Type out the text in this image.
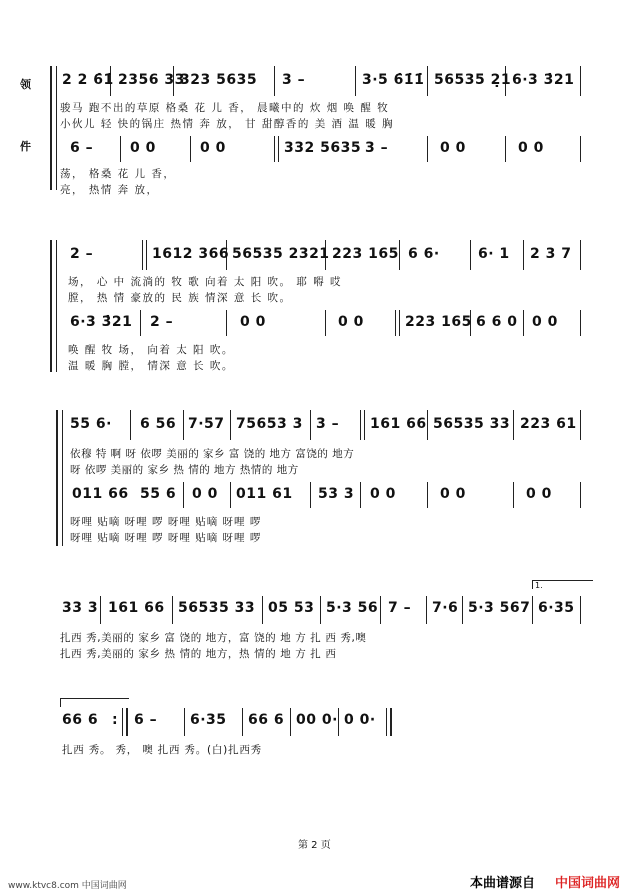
领
件
2 2 6̇1̇ 2356 33
323 5635 3 –	3·5 6̇1̇1̇ 56535 2̣1 6·3 3̇21
骏马 跑不出的草原 格桑 花 儿 香， 晨曦中的 炊 烟 唤 醒 牧
小伙儿 轻 快的锅庄 热情 奔 放， 甘 甜醇香的 美 酒 温 暖 胸
6 –	0 0	0 0	332 5635 3 –	0 0	0 0
荡， 格桑 花 儿 香，
亮， 热情 奔 放，
2 –	1612 366 56535 2321 223 165 6 6·	6· 1 2 3 7
场， 心 中 流淌的 牧 歌 向着 太 阳 吹。 耶 嘚 哎
膛， 热 情 豪放的 民 族 情深 意 长 吹。
6·3 3̇21 2 –	0 0	0 0	223 165 6 6 0 0 0
唤 醒 牧 场， 向着 太 阳 吹。
温 暖 胸 膛， 情深 意 长 吹。
55 6· 6 56 7·57 75653 3 3 – 161 66 56535 33 223 61
依穆 特 啊 呀 依啰 美丽的 家乡 富 饶的 地方 富饶的 地方
呀 依啰 美丽的 家乡 热 情的 地方 热情的 地方
011 66 55 6 0 0 011 61 53 3 0 0	0 0	0 0
呀哩 贴嘀 呀哩 啰 呀哩 贴嘀 呀哩 啰
呀哩 贴嘀 呀哩 啰 呀哩 贴嘀 呀哩 啰
1.
33 3 161 66 56535 33 05 53 5·3 56 7 – 7·6 5·3 567 6·35
扎西 秀,美丽的 家乡 富 饶的 地方，富 饶的 地 方 扎 西 秀,噢
扎西 秀,美丽的 家乡 热 情的 地方，热 情的 地 方 扎 西
66 6 : 6 – 6·35 66 6 00 0· 0 0·
扎西 秀。 秀， 噢 扎西 秀。(白)扎西秀
第 2 页
www.ktvc8.com 中国词曲网	本曲谱源自 中国词曲网
